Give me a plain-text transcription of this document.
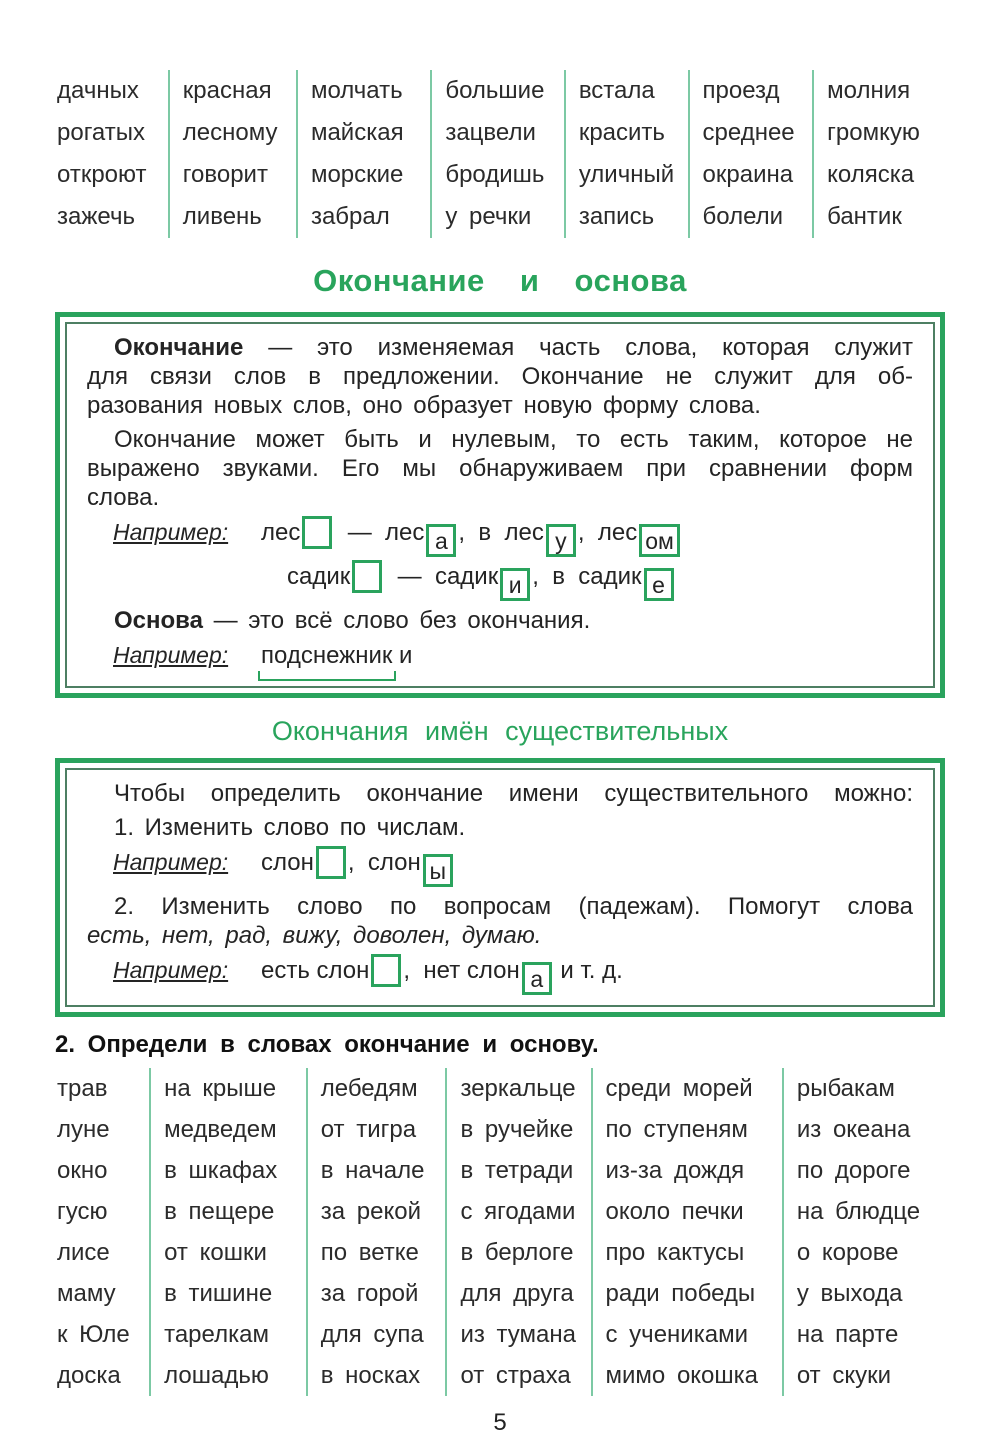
дачных
рогатых
откроют
зажечь
красная
лесному
говорит
ливень
молчать
майская
морские
забрал
большие
зацвели
бродишь
у речки
встала
красить
уличный
запись
проезд
среднее
окраина
болели
молния
громкую
коляска
бантик
Окончание и основа
Окончание — это изменяемая часть слова, которая служит
для связи слов в предложении. Окончание не служит для об-
разования новых слов, оно образует новую форму слова.
Окончание может быть и нулевым, то есть таким, которое не
выражено звуками. Его мы обнаруживаем при сравнении форм
слова.
Например: лес  —  лес а ,  в  лес у ,  лес ом
садик  —  садик и ,  в  садик е
Основа — это всё слово без окончания.
Например: подснежник и
Окончания имён существительных
Чтобы определить окончание имени существительного можно:
1. Изменить слово по числам.
Например: слон ,  слон ы
2. Изменить слово по вопросам (падежам). Помогут слова
есть, нет, рад, вижу, доволен, думаю.
Например: есть слон ,  нет слон а и т. д.
2. Определи в словах окончание и основу.
трав
луне
окно
гусю
лисе
маму
к Юле
доска
на крыше
медведем
в шкафах
в пещере
от кошки
в тишине
тарелкам
лошадью
лебедям
от тигра
в начале
за рекой
по ветке
за горой
для супа
в носках
зеркальце
в ручейке
в тетради
с ягодами
в берлоге
для друга
из тумана
от страха
среди морей
по ступеням
из-за дождя
около печки
про кактусы
ради победы
с учениками
мимо окошка
рыбакам
из океана
по дороге
на блюдце
о корове
у выхода
на парте
от скуки
5
